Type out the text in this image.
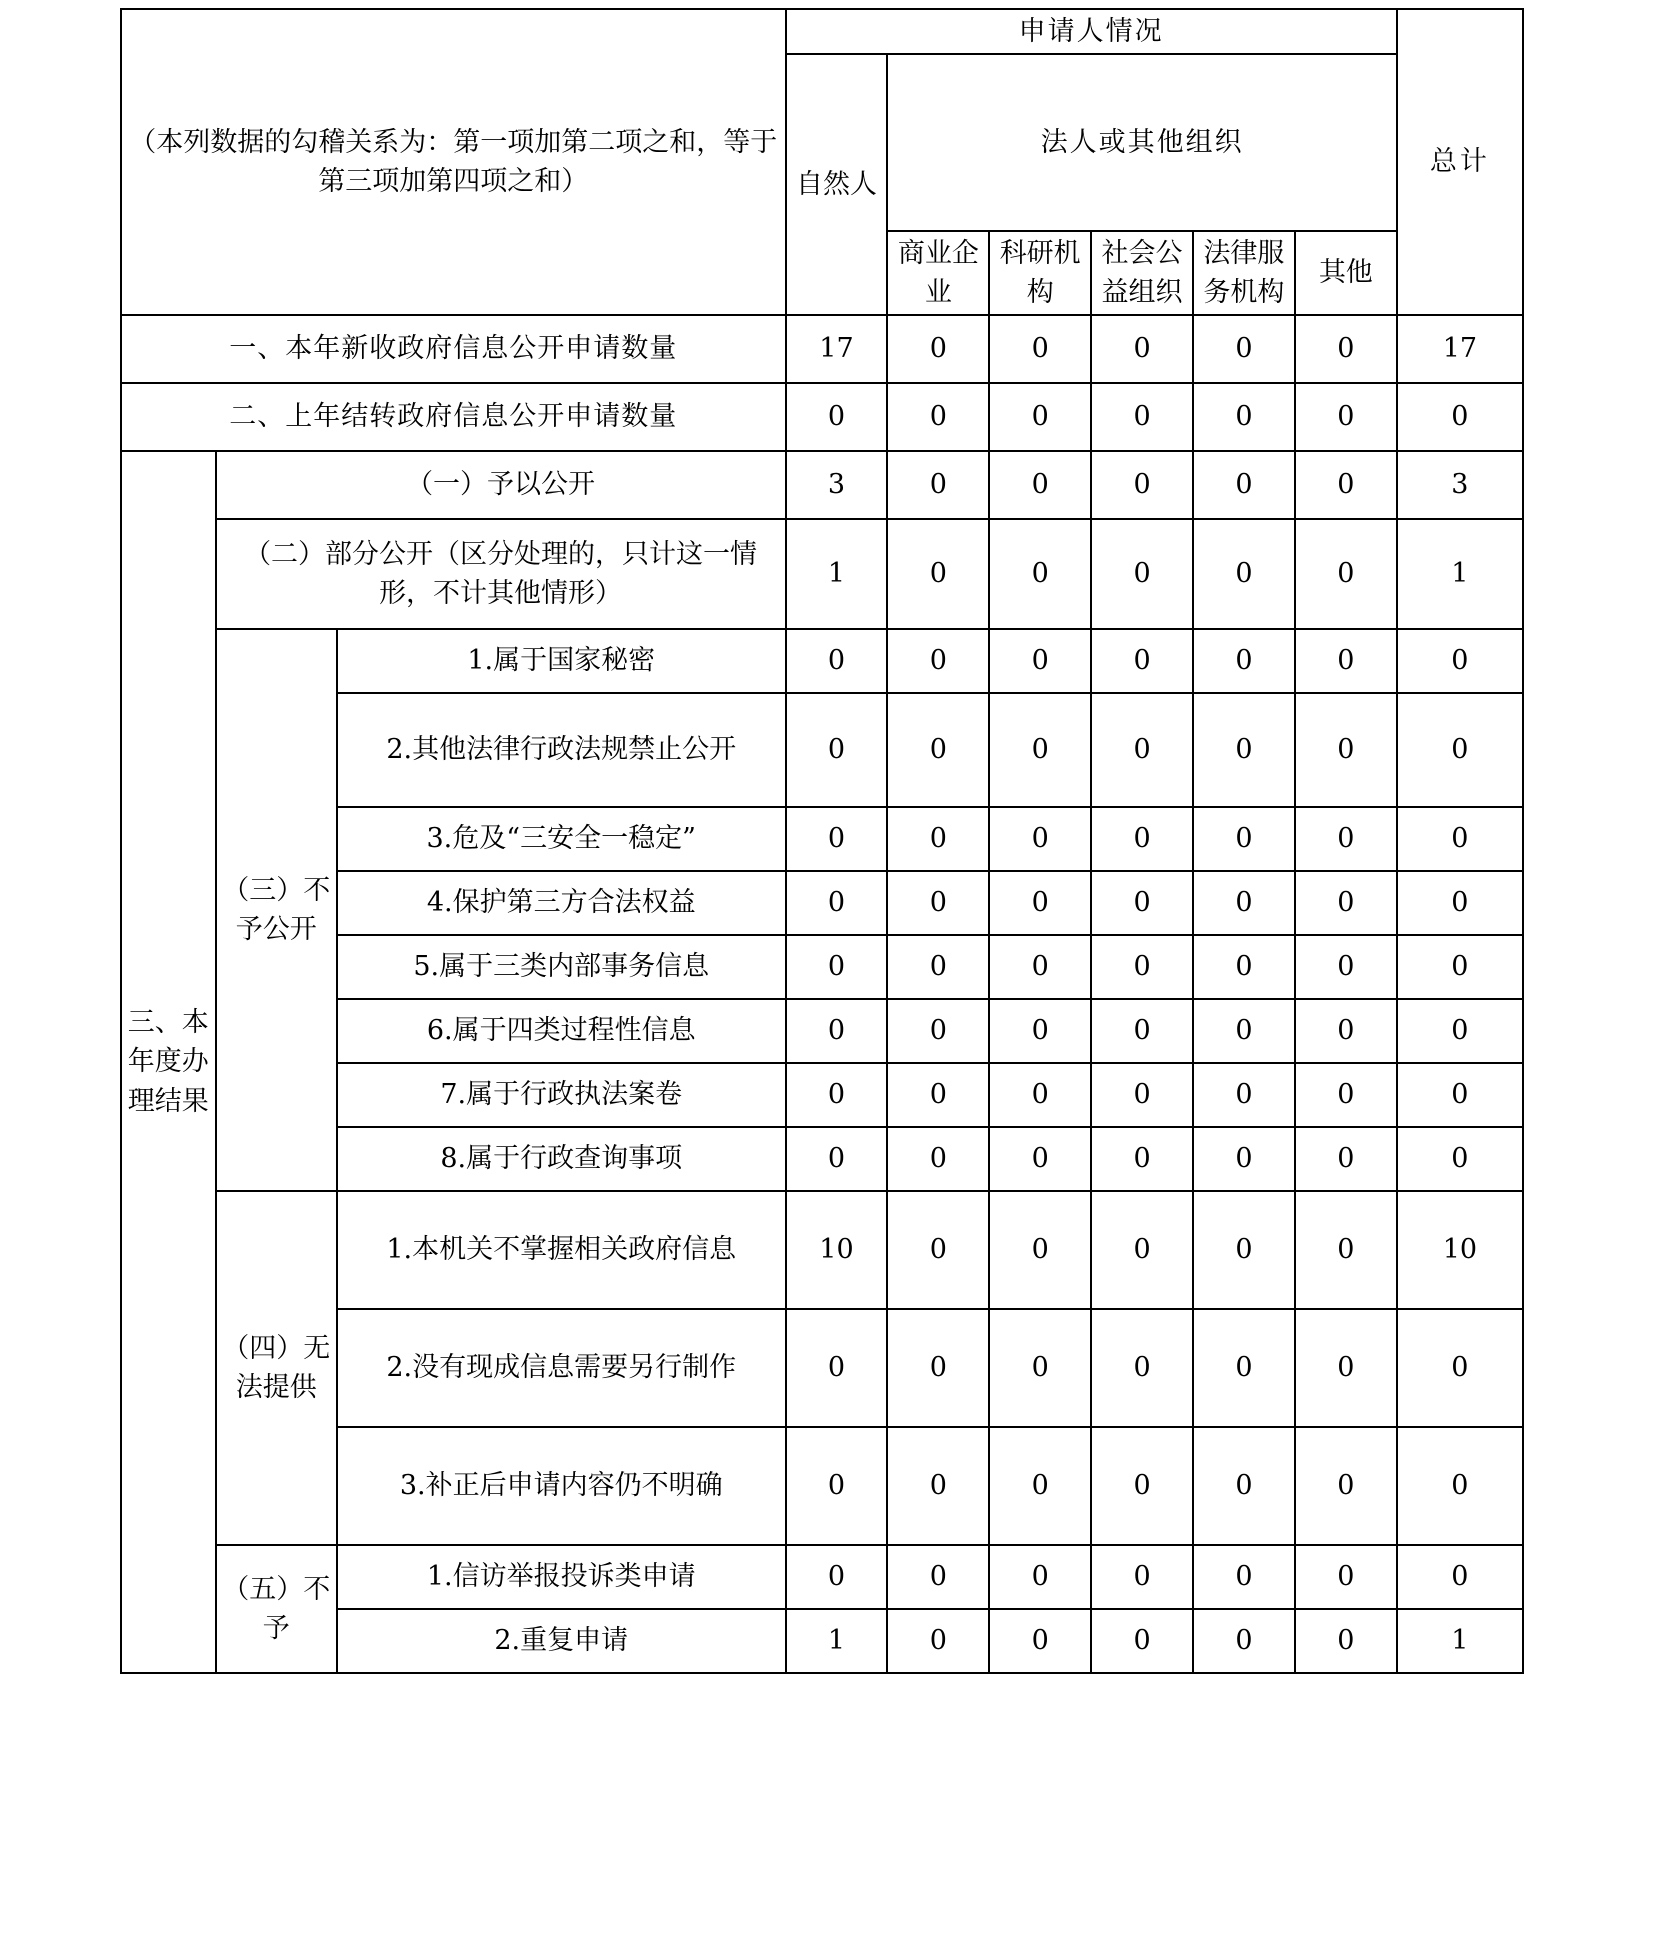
（本列数据的勾稽关系为：第一项加第二项之和，等于第三项加第四项之和）			申请人情况						总计
			自然人	法人或其他组织					
				商业企业	科研机构	社会公益组织	法律服务机构	其他	
一、本年新收政府信息公开申请数量			17	0	0	0	0	0	17
二、上年结转政府信息公开申请数量			0	0	0	0	0	0	0
三、本年度办理结果	（一）予以公开		3	0	0	0	0	0	3
	（二）部分公开（区分处理的，只计这一情形，不计其他情形）		1	0	0	0	0	0	1
	（三）不予公开	1.属于国家秘密	0	0	0	0	0	0	0
		2.其他法律行政法规禁止公开	0	0	0	0	0	0	0
		3.危及“三安全一稳定”	0	0	0	0	0	0	0
		4.保护第三方合法权益	0	0	0	0	0	0	0
		5.属于三类内部事务信息	0	0	0	0	0	0	0
		6.属于四类过程性信息	0	0	0	0	0	0	0
		7.属于行政执法案卷	0	0	0	0	0	0	0
		8.属于行政查询事项	0	0	0	0	0	0	0
	（四）无法提供	1.本机关不掌握相关政府信息	10	0	0	0	0	0	10
		2.没有现成信息需要另行制作	0	0	0	0	0	0	0
		3.补正后申请内容仍不明确	0	0	0	0	0	0	0
	（五）不予	1.信访举报投诉类申请	0	0	0	0	0	0	0
		2.重复申请	1	0	0	0	0	0	1
